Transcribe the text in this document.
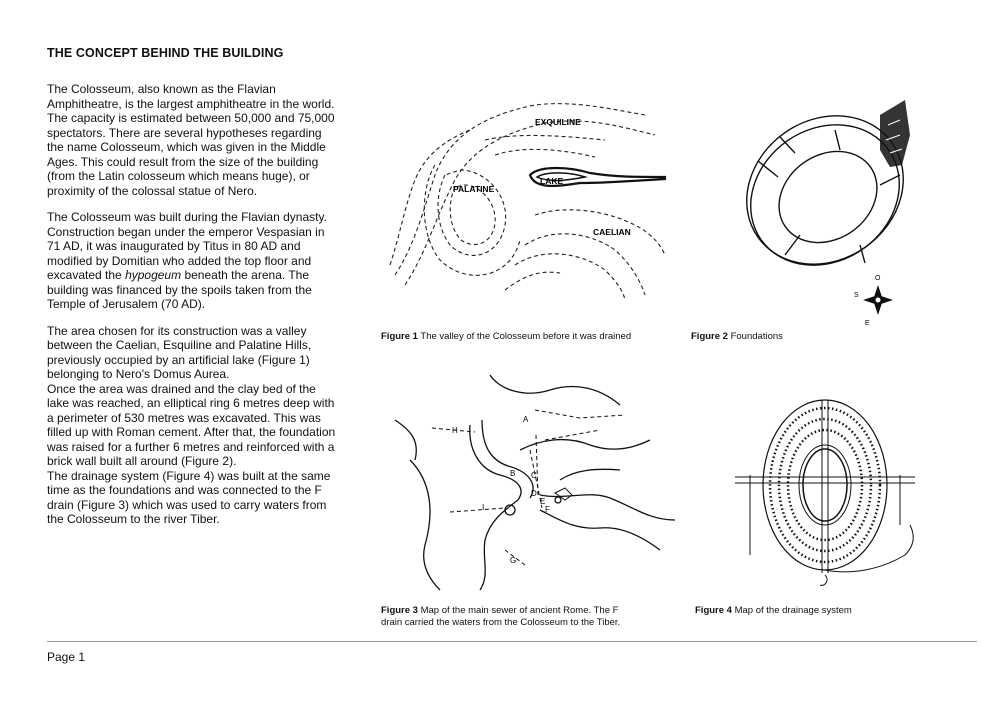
THE CONCEPT BEHIND THE BUILDING

The Colosseum, also known as the Flavian Amphitheatre, is the largest amphitheatre in the world. The capacity is estimated between 50,000 and 75,000 spectators. There are several hypotheses regarding the name Colosseum, which was given in the Middle Ages. This could result from the size of the building (from the Latin colosseum which means huge), or proximity of the colossal statue of Nero.

The Colosseum was built during the Flavian dynasty. Construction began under the emperor Vespasian in 71 AD, it was inaugurated by Titus in 80 AD and modified by Domitian who added the top floor and excavated the hypogeum beneath the arena. The building was financed by the spoils taken from the Temple of Jerusalem (70 AD).

The area chosen for its construction was a valley between the Caelian, Esquiline and Palatine Hills, previously occupied by an artificial lake (Figure 1) belonging to Nero's Domus Aurea.

Once the area was drained and the clay bed of the lake was reached, an elliptical ring 6 metres deep with a perimeter of 530 metres was excavated. This was filled up with Roman cement. After that, the foundation was raised for a further 6 metres and reinforced with a brick wall built all around (Figure 2).

The drainage system (Figure 4) was built at the same time as the foundations and was connected to the F drain (Figure 3) which was used to carry waters from the Colosseum to the river Tiber.

EXQUILINE
LAKE
PALATINE
CAELIAN
Figure 1 The valley of the Colosseum before it was drained
O
S
E
Figure 2 Foundations
A
B C
D
E
F
G
H
I
Figure 3 Map of the main sewer of ancient Rome. The F drain carried the waters from the Colosseum to the Tiber.
Figure 4 Map of the drainage system
Page 1
